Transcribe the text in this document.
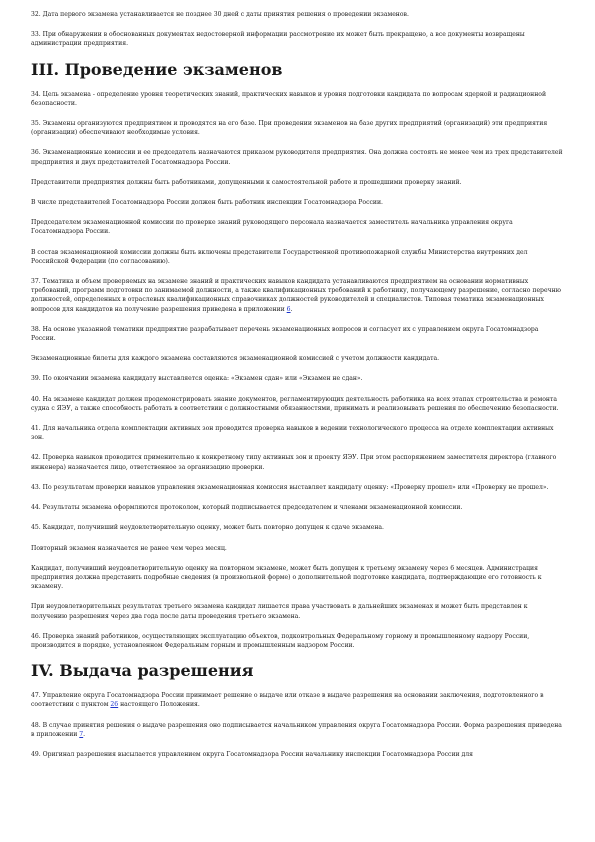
32. Дата первого экзамена устанавливается не позднее 30 дней с даты принятия решения о проведении экзаменов.

33. При обнаружении в обоснованных документах недостоверной информации рассмотрение их может быть прекращено, а все документы возвращены администрации предприятия.

III. Проведение экзаменов

34. Цель экзамена - определение уровня теоретических знаний, практических навыков и уровня подготовки кандидата по вопросам ядерной и радиационной безопасности.

35. Экзамены организуются предприятием и проводятся на его базе. При проведении экзаменов на базе других предприятий (организаций) эти предприятия (организации) обеспечивают необходимые условия.

36. Экзаменационные комиссии и ее председатель назначаются приказом руководителя предприятия. Она должна состоять не менее чем из трех представителей предприятия и двух представителей Госатомнадзора России.

Представители предприятия должны быть работниками, допущенными к самостоятельной работе и прошедшими проверку знаний.

В числе представителей Госатомнадзора России должен быть работник инспекции Госатомнадзора России.

Председателем экзаменационной комиссии по проверке знаний руководящего персонала назначается заместитель начальника управления округа Госатомнадзора России.

В состав экзаменационной комиссии должны быть включены представители Государственной противопожарной службы Министерства внутренних дел Российской Федерации (по согласованию).

37. Тематика и объем проверяемых на экзамене знаний и практических навыков кандидата устанавливаются предприятием на основании нормативных требований, программ подготовки по занимаемой должности, а также квалификационных требований к работнику, получающему разрешение, согласно перечню должностей, определенных в отраслевых квалификационных справочниках должностей руководителей и специалистов. Типовая тематика экзаменационных вопросов для кандидатов на получение разрешения приведена в приложении 6.

38. На основе указанной тематики предприятие разрабатывает перечень экзаменационных вопросов и согласует их с управлением округа Госатомнадзора России.

Экзаменационные билеты для каждого экзамена составляются экзаменационной комиссией с учетом должности кандидата.

39. По окончании экзамена кандидату выставляется оценка: «Экзамен сдан» или «Экзамен не сдан».

40. На экзамене кандидат должен продемонстрировать знание документов, регламентирующих деятельность работника на всех этапах строительства и ремонта судна с ЯЭУ, а также способность работать в соответствии с должностными обязанностями, принимать и реализовывать решения по обеспечению безопасности.

41. Для начальника отдела комплектации активных зон проводится проверка навыков в ведении технологического процесса на отделе комплектации активных зон.

42. Проверка навыков проводится применительно к конкретному типу активных зон и проекту ЯЭУ. При этом распоряжением заместителя директора (главного инженера) назначается лицо, ответственное за организацию проверки.

43. По результатам проверки навыков управления экзаменационная комиссия выставляет кандидату оценку: «Проверку прошел» или «Проверку не прошел».

44. Результаты экзамена оформляются протоколом, который подписывается председателем и членами экзаменационной комиссии.

45. Кандидат, получивший неудовлетворительную оценку, может быть повторно допущен к сдаче экзамена.

Повторный экзамен назначается не ранее чем через месяц.

Кандидат, получивший неудовлетворительную оценку на повторном экзамене, может быть допущен к третьему экзамену через 6 месяцев. Администрация предприятия должна представить подробные сведения (в произвольной форме) о дополнительной подготовке кандидата, подтверждающие его готовность к экзамену.

При неудовлетворительных результатах третьего экзамена кандидат лишается права участвовать в дальнейших экзаменах и может быть представлен к получению разрешения через два года после даты проведения третьего экзамена.

46. Проверка знаний работников, осуществляющих эксплуатацию объектов, подконтрольных Федеральному горному и промышленному надзору России, производится в порядке, установленном Федеральным горным и промышленным надзором России.

IV. Выдача разрешения

47. Управление округа Госатомнадзора России принимает решение о выдаче или отказе в выдаче разрешения на основании заключения, подготовленного в соответствии с пунктом 26 настоящего Положения.

48. В случае принятия решения о выдаче разрешения оно подписывается начальником управления округа Госатомнадзора России. Форма разрешения приведена в приложении 7.

49. Оригинал разрешения высылается управлением округа Госатомнадзора России начальнику инспекции Госатомнадзора России для
